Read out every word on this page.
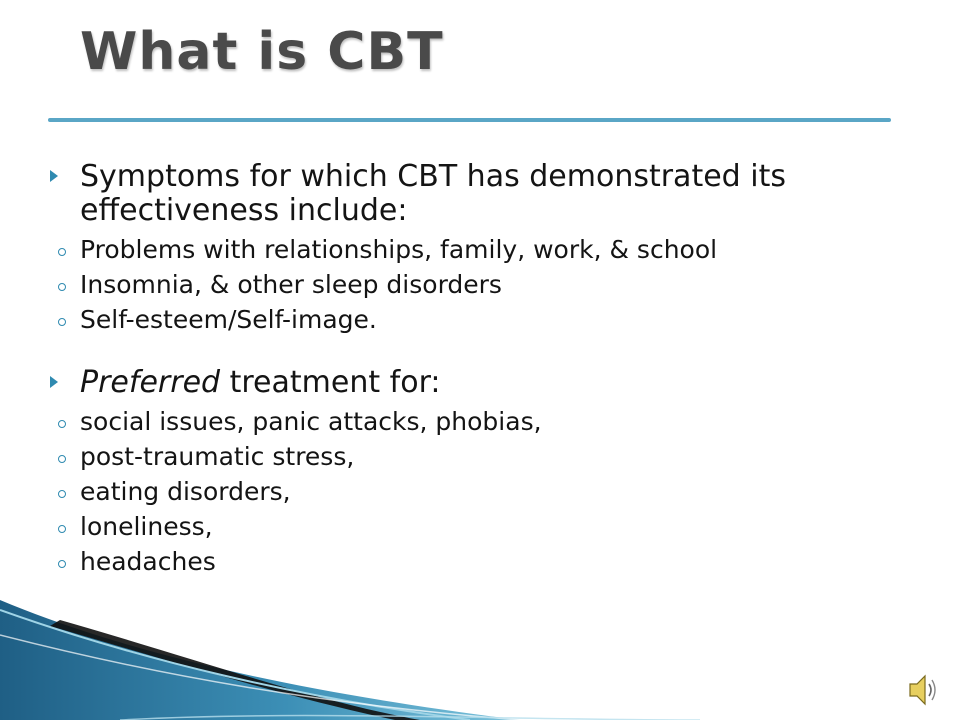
What is CBT
Symptoms for which CBT has demonstrated its
effectiveness include:
Problems with relationships, family, work, & school
Insomnia, & other sleep disorders
Self-esteem/Self-image.
Preferred treatment for:
social issues, panic attacks, phobias,
post-traumatic stress,
eating disorders,
loneliness,
headaches
